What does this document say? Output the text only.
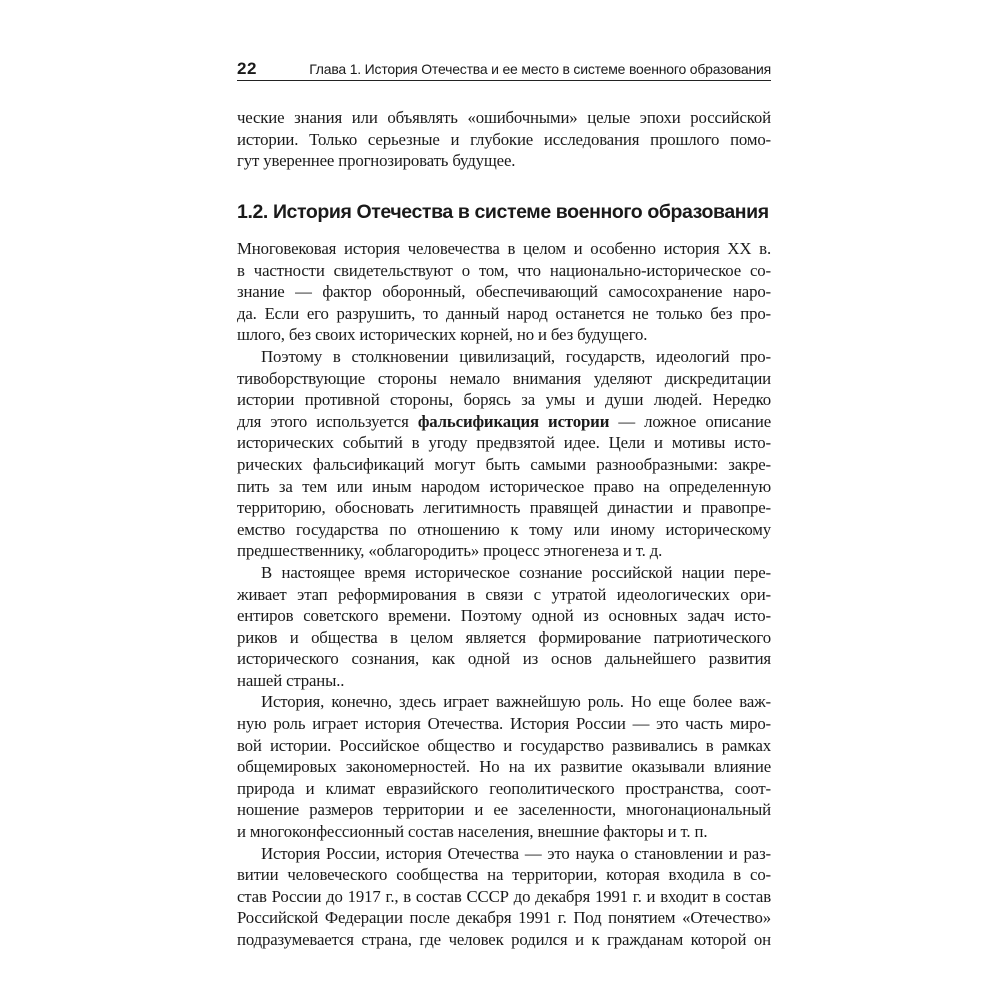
22	Глава 1. История Отечества и ее место в системе военного образования
ческие знания или объявлять «ошибочными» целые эпохи российской
истории. Только серьезные и глубокие исследования прошлого помо-
гут увереннее прогнозировать будущее.
1.2. История Отечества в системе военного образования
Многовековая история человечества в целом и особенно история XX в.
в частности свидетельствуют о том, что национально-историческое со-
знание — фактор оборонный, обеспечивающий самосохранение наро-
да. Если его разрушить, то данный народ останется не только без про-
шлого, без своих исторических корней, но и без будущего.
Поэтому в столкновении цивилизаций, государств, идеологий про-
тивоборствующие стороны немало внимания уделяют дискредитации
истории противной стороны, борясь за умы и души людей. Нередко
для этого используется фальсификация истории — ложное описание
исторических событий в угоду предвзятой идее. Цели и мотивы исто-
рических фальсификаций могут быть самыми разнообразными: закре-
пить за тем или иным народом историческое право на определенную
территорию, обосновать легитимность правящей династии и правопре-
емство государства по отношению к тому или иному историческому
предшественнику, «облагородить» процесс этногенеза и т. д.
В настоящее время историческое сознание российской нации пере-
живает этап реформирования в связи с утратой идеологических ори-
ентиров советского времени. Поэтому одной из основных задач исто-
риков и общества в целом является формирование патриотического
исторического сознания, как одной из основ дальнейшего развития
нашей страны..
История, конечно, здесь играет важнейшую роль. Но еще более важ-
ную роль играет история Отечества. История России — это часть миро-
вой истории. Российское общество и государство развивались в рамках
общемировых закономерностей. Но на их развитие оказывали влияние
природа и климат евразийского геополитического пространства, соот-
ношение размеров территории и ее заселенности, многонациональный
и многоконфессионный состав населения, внешние факторы и т. п.
История России, история Отечества — это наука о становлении и раз-
витии человеческого сообщества на территории, которая входила в со-
став России до 1917 г., в состав СССР до декабря 1991 г. и входит в состав
Российской Федерации после декабря 1991 г. Под понятием «Отечество»
подразумевается страна, где человек родился и к гражданам которой он
